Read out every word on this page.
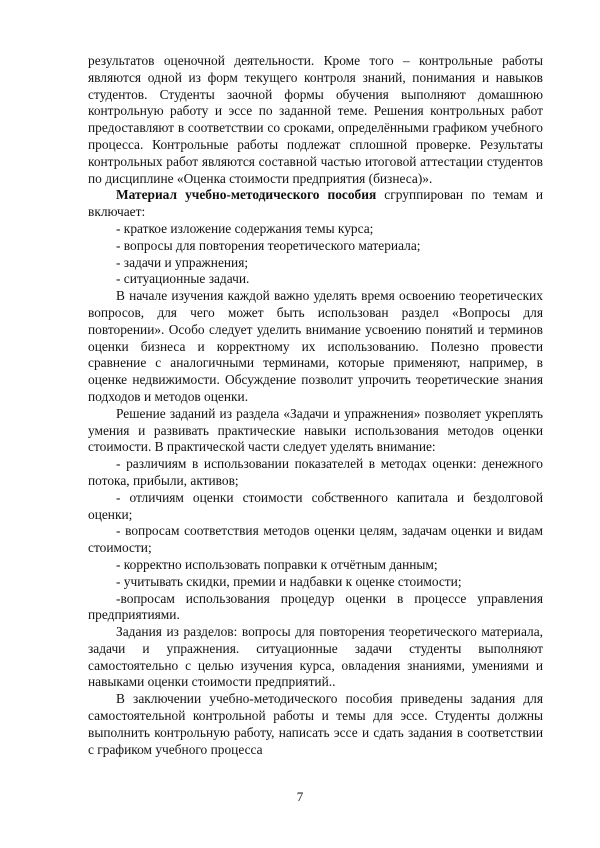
результатов оценочной деятельности. Кроме того – контрольные работы являются одной из форм текущего контроля знаний, понимания и навыков студентов. Студенты заочной формы обучения выполняют домашнюю контрольную работу и эссе по заданной теме. Решения контрольных работ предоставляют в соответствии со сроками, определёнными графиком учебного процесса. Контрольные работы подлежат сплошной проверке. Результаты контрольных работ являются составной частью итоговой аттестации студентов по дисциплине «Оценка стоимости предприятия (бизнеса)».

Материал учебно-методического пособия сгруппирован по темам и включает:

- краткое изложение содержания темы курса;

- вопросы для повторения теоретического материала;

- задачи и упражнения;

- ситуационные задачи.

В начале изучения каждой важно уделять время освоению теоретических вопросов, для чего может быть использован раздел «Вопросы для повторении». Особо следует уделить внимание усвоению понятий и терминов оценки бизнеса и корректному их использованию. Полезно провести сравнение с аналогичными терминами, которые применяют, например, в оценке недвижимости. Обсуждение позволит упрочить теоретические знания подходов и методов оценки.

Решение заданий из раздела «Задачи и упражнения» позволяет укреплять умения и развивать практические навыки использования методов оценки стоимости. В практической части следует уделять внимание:

- различиям в использовании показателей в методах оценки: денежного потока, прибыли, активов;

- отличиям оценки стоимости собственного капитала и бездолговой оценки;

- вопросам соответствия методов оценки целям, задачам оценки и видам стоимости;

- корректно использовать поправки к отчётным данным;

- учитывать скидки, премии и надбавки к оценке стоимости;

-вопросам использования процедур оценки в процессе управления предприятиями.

Задания из разделов: вопросы для повторения теоретического материала, задачи и упражнения. ситуационные задачи студенты выполняют самостоятельно с целью изучения курса, овладения знаниями, умениями и навыками оценки стоимости предприятий..

В заключении учебно-методического пособия приведены задания для самостоятельной контрольной работы и темы для эссе. Студенты должны выполнить контрольную работу, написать эссе и сдать задания в соответствии с графиком учебного процесса

7
